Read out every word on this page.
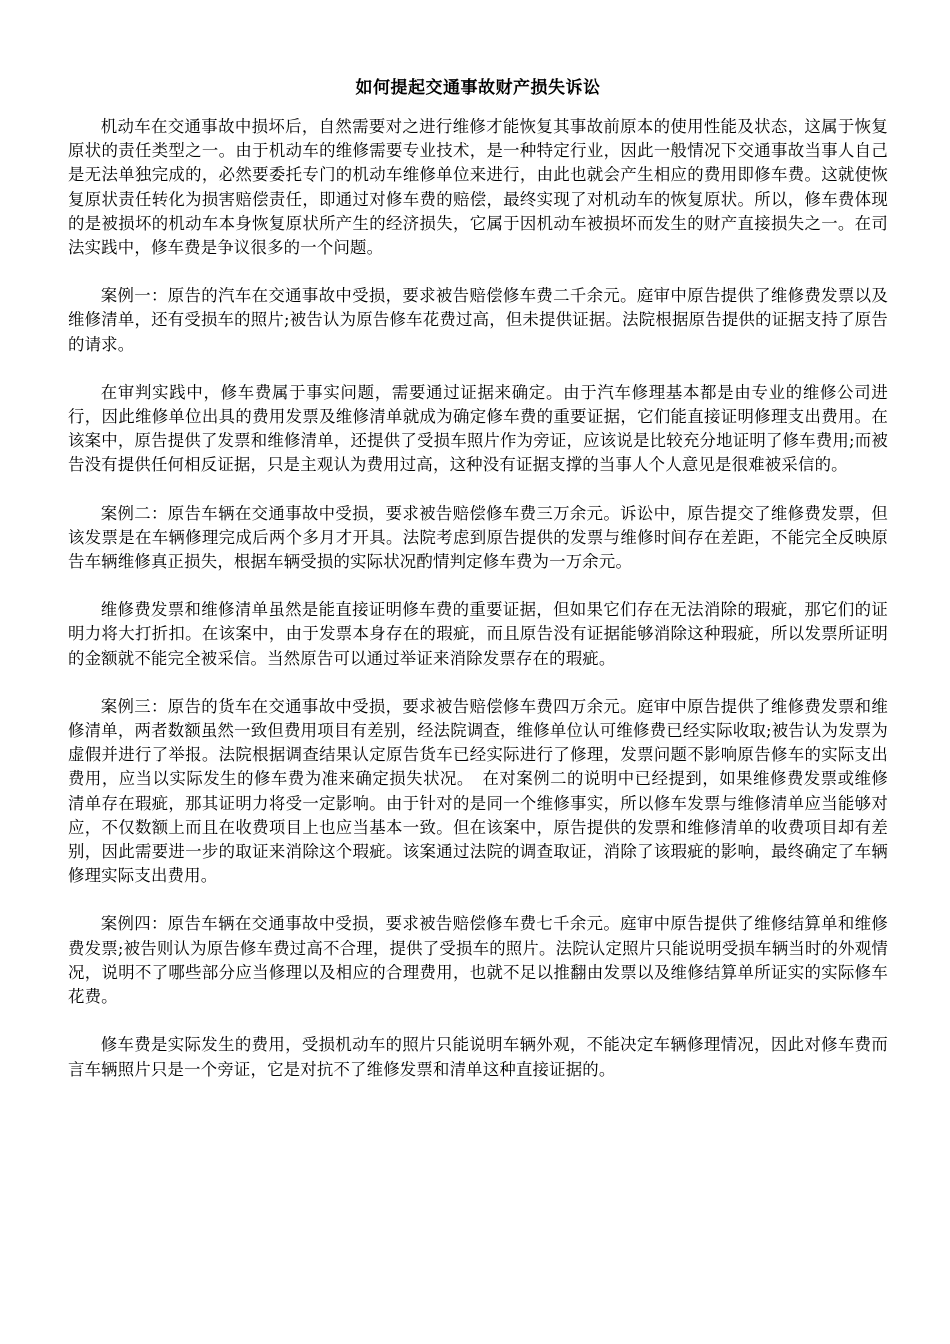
如何提起交通事故财产损失诉讼

机动车在交通事故中损坏后，自然需要对之进行维修才能恢复其事故前原本的使用性能及状态，这属于恢复原状的责任类型之一。由于机动车的维修需要专业技术，是一种特定行业，因此一般情况下交通事故当事人自己是无法单独完成的，必然要委托专门的机动车维修单位来进行，由此也就会产生相应的费用即修车费。这就使恢复原状责任转化为损害赔偿责任，即通过对修车费的赔偿，最终实现了对机动车的恢复原状。所以，修车费体现的是被损坏的机动车本身恢复原状所产生的经济损失，它属于因机动车被损坏而发生的财产直接损失之一。在司法实践中，修车费是争议很多的一个问题。

案例一：原告的汽车在交通事故中受损，要求被告赔偿修车费二千余元。庭审中原告提供了维修费发票以及维修清单，还有受损车的照片;被告认为原告修车花费过高，但未提供证据。法院根据原告提供的证据支持了原告的请求。

在审判实践中，修车费属于事实问题，需要通过证据来确定。由于汽车修理基本都是由专业的维修公司进行，因此维修单位出具的费用发票及维修清单就成为确定修车费的重要证据，它们能直接证明修理支出费用。在该案中，原告提供了发票和维修清单，还提供了受损车照片作为旁证，应该说是比较充分地证明了修车费用;而被告没有提供任何相反证据，只是主观认为费用过高，这种没有证据支撑的当事人个人意见是很难被采信的。

案例二：原告车辆在交通事故中受损，要求被告赔偿修车费三万余元。诉讼中，原告提交了维修费发票，但该发票是在车辆修理完成后两个多月才开具。法院考虑到原告提供的发票与维修时间存在差距，不能完全反映原告车辆维修真正损失，根据车辆受损的实际状况酌情判定修车费为一万余元。

维修费发票和维修清单虽然是能直接证明修车费的重要证据，但如果它们存在无法消除的瑕疵，那它们的证明力将大打折扣。在该案中，由于发票本身存在的瑕疵，而且原告没有证据能够消除这种瑕疵，所以发票所证明的金额就不能完全被采信。当然原告可以通过举证来消除发票存在的瑕疵。

案例三：原告的货车在交通事故中受损，要求被告赔偿修车费四万余元。庭审中原告提供了维修费发票和维修清单，两者数额虽然一致但费用项目有差别，经法院调查，维修单位认可维修费已经实际收取;被告认为发票为虚假并进行了举报。法院根据调查结果认定原告货车已经实际进行了修理，发票问题不影响原告修车的实际支出费用，应当以实际发生的修车费为准来确定损失状况。　在对案例二的说明中已经提到，如果维修费发票或维修清单存在瑕疵，那其证明力将受一定影响。由于针对的是同一个维修事实，所以修车发票与维修清单应当能够对应，不仅数额上而且在收费项目上也应当基本一致。但在该案中，原告提供的发票和维修清单的收费项目却有差别，因此需要进一步的取证来消除这个瑕疵。该案通过法院的调查取证，消除了该瑕疵的影响，最终确定了车辆修理实际支出费用。

案例四：原告车辆在交通事故中受损，要求被告赔偿修车费七千余元。庭审中原告提供了维修结算单和维修费发票;被告则认为原告修车费过高不合理，提供了受损车的照片。法院认定照片只能说明受损车辆当时的外观情况，说明不了哪些部分应当修理以及相应的合理费用，也就不足以推翻由发票以及维修结算单所证实的实际修车花费。

修车费是实际发生的费用，受损机动车的照片只能说明车辆外观，不能决定车辆修理情况，因此对修车费而言车辆照片只是一个旁证，它是对抗不了维修发票和清单这种直接证据的。
